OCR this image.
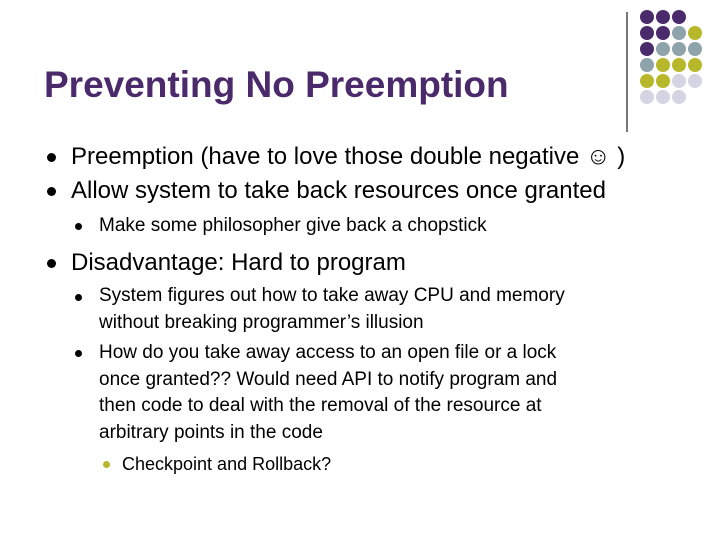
Preventing No Preemption
Preemption (have to love those double negative ☺ )
Allow system to take back resources once granted
Make some philosopher give back a chopstick
Disadvantage: Hard to program
System figures out how to take away CPU and memory
without breaking programmer’s illusion
How do you take away access to an open file or a lock
once granted?? Would need API to notify program and
then code to deal with the removal of the resource at
arbitrary points in the code
Checkpoint and Rollback?
